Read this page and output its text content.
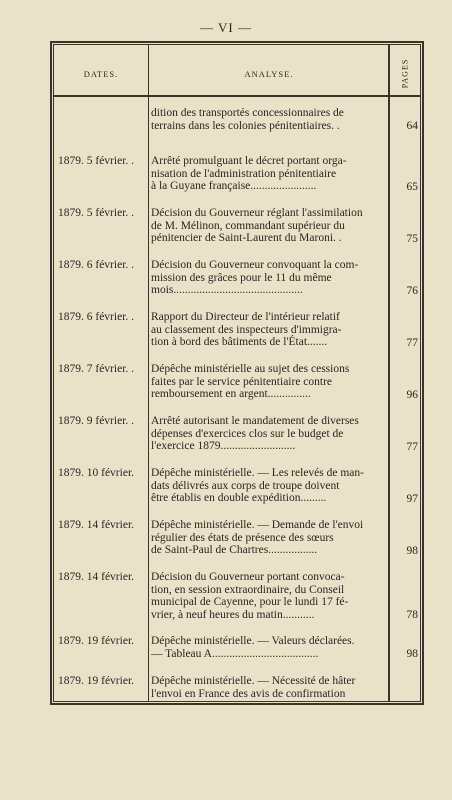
— VI —
DATES.	ANALYSE.	PAGES
dition des transportés concessionnaires de
terrains dans les colonies pénitentiaires. .	64
1879. 5 février. .	Arrêté promulguant le décret portant orga-
nisation de l'administration pénitentiaire
à la Guyane française.......................	65
1879. 5 février. .	Décision du Gouverneur réglant l'assimilation
de M. Mélinon, commandant supérieur du
pénitencier de Saint-Laurent du Maroni. .	75
1879. 6 février. .	Décision du Gouverneur convoquant la com-
mission des grâces pour le 11 du même
mois.............................................	76
1879. 6 février. .	Rapport du Directeur de l'intérieur relatif
au classement des inspecteurs d'immigra-
tion à bord des bâtiments de l'État.......	77
1879. 7 février. .	Dépêche ministérielle au sujet des cessions
faites par le service pénitentiaire contre
remboursement en argent...............	96
1879. 9 février. .	Arrêté autorisant le mandatement de diverses
dépenses d'exercices clos sur le budget de
l'exercice 1879..........................	77
1879. 10 février.	Dépêche ministérielle. — Les relevés de man-
dats délivrés aux corps de troupe doivent
être établis en double expédition.........	97
1879. 14 février.	Dépêche ministérielle. — Demande de l'envoi
régulier des états de présence des sœurs
de Saint-Paul de Chartres.................	98
1879. 14 février.	Décision du Gouverneur portant convoca-
tion, en session extraordinaire, du Conseil
municipal de Cayenne, pour le lundi 17 fé-
vrier, à neuf heures du matin...........	78
1879. 19 février.	Dépêche ministérielle. — Valeurs déclarées.
— Tableau A.....................................	98
1879. 19 février.	Dépêche ministérielle. — Nécessité de hâter
l'envoi en France des avis de confirmation
